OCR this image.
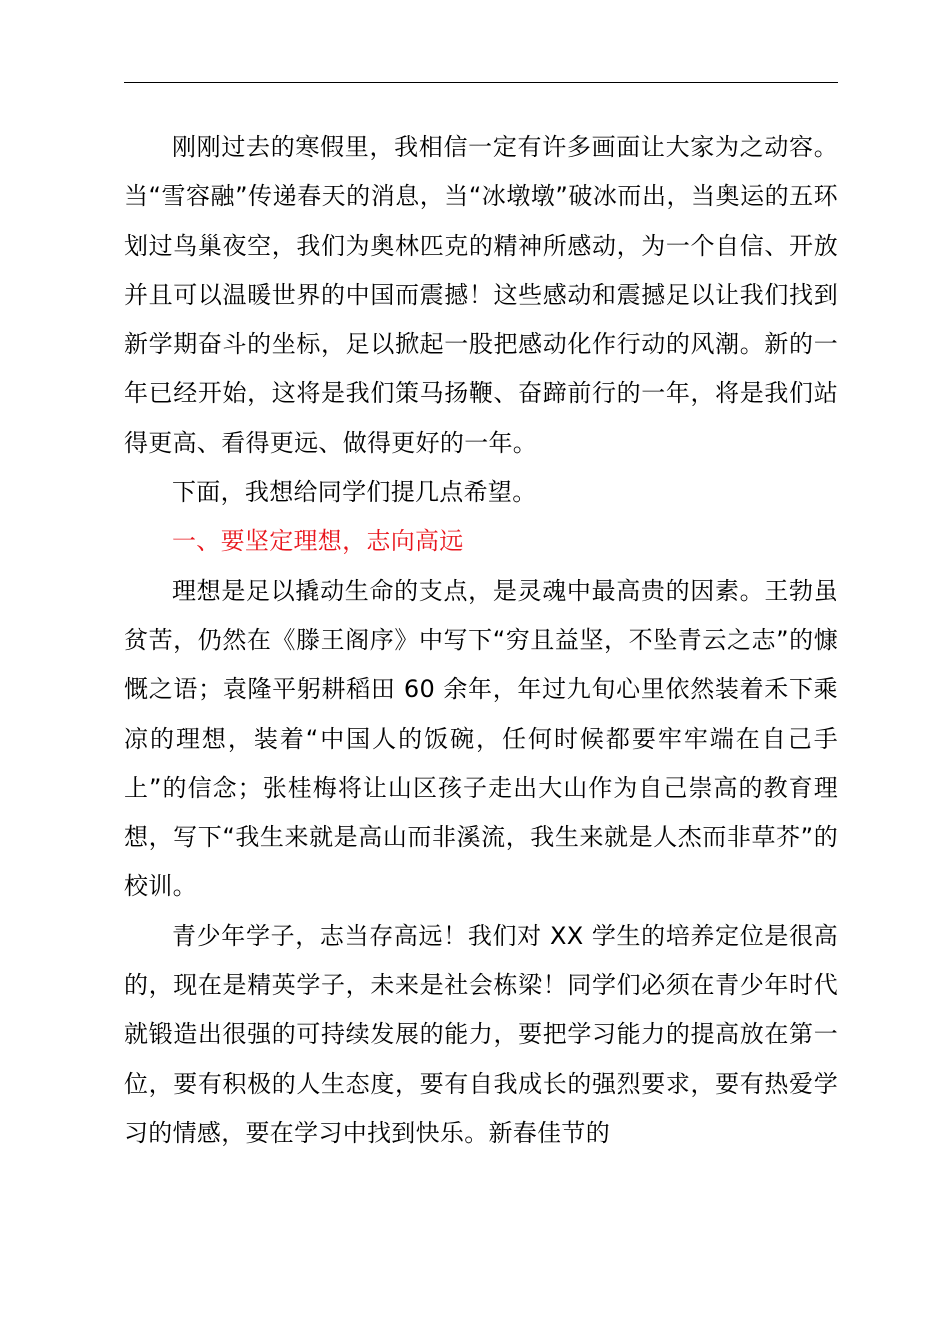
刚刚过去的寒假里，我相信一定有许多画面让大家为之动容。当“雪容融”传递春天的消息，当“冰墩墩”破冰而出，当奥运的五环划过鸟巢夜空，我们为奥林匹克的精神所感动，为一个自信、开放并且可以温暖世界的中国而震撼！这些感动和震撼足以让我们找到新学期奋斗的坐标，足以掀起一股把感动化作行动的风潮。新的一年已经开始，这将是我们策马扬鞭、奋蹄前行的一年，将是我们站得更高、看得更远、做得更好的一年。

下面，我想给同学们提几点希望。

一、要坚定理想，志向高远

理想是足以撬动生命的支点，是灵魂中最高贵的因素。王勃虽贫苦，仍然在《滕王阁序》中写下“穷且益坚，不坠青云之志”的慷慨之语；袁隆平躬耕稻田 60 余年，年过九旬心里依然装着禾下乘凉的理想，装着“中国人的饭碗，任何时候都要牢牢端在自己手上”的信念；张桂梅将让山区孩子走出大山作为自己崇高的教育理想，写下“我生来就是高山而非溪流，我生来就是人杰而非草芥”的校训。

青少年学子，志当存高远！我们对 XX 学生的培养定位是很高的，现在是精英学子，未来是社会栋梁！同学们必须在青少年时代就锻造出很强的可持续发展的能力，要把学习能力的提高放在第一位，要有积极的人生态度，要有自我成长的强烈要求，要有热爱学习的情感，要在学习中找到快乐。新春佳节的
